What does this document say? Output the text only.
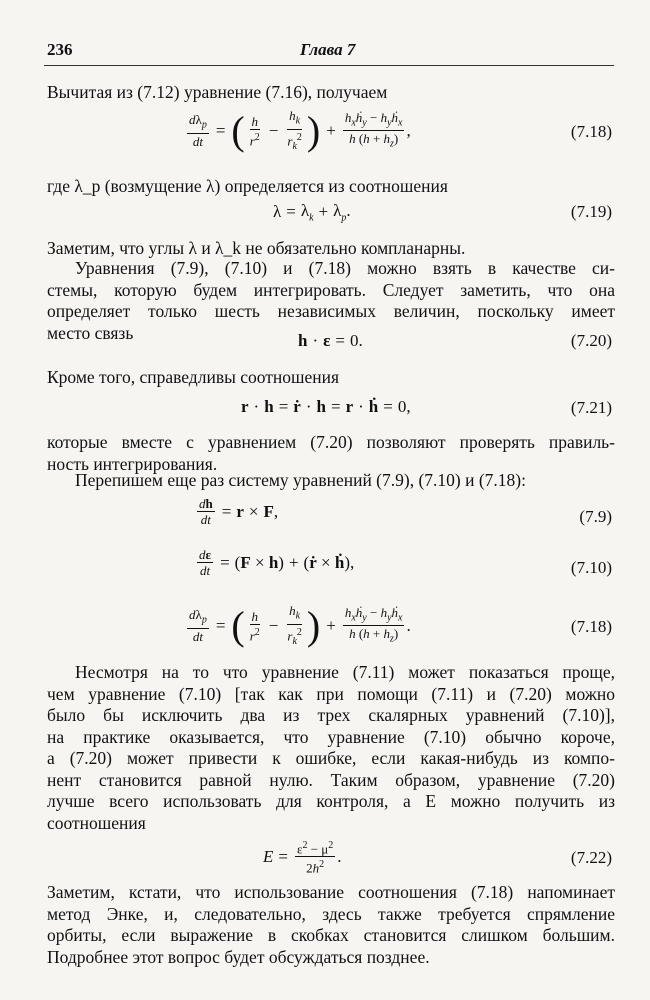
236	Глава 7
Вычитая из (7.12) уравнение (7.16), получаем
$\frac{d\lambda_p}{dt}$ = ( $\frac{h}{r^2} - \frac{h_k}{r_k^2}$ ) + $\frac{h_xḣ_y - h_yḣ_x}{h (h + h_z)}$ ,	(7.18)
где λ_p (возмущение λ) определяется из соотношения
$\lambda = \lambda_k + \lambda_p$.	(7.19)
Заметим, что углы λ и λ_k не обязательно компланарны.
Уравнения (7.9), (7.10) и (7.18) можно взять в качестве си-
стемы, которую будем интегрировать. Следует заметить, что она
определяет только шесть независимых величин, поскольку имеет
место связь	h · ε = 0.	(7.20)
Кроме того, справедливы соотношения
r · h = ṙ · h = r · ḣ = 0,	(7.21)
которые вместе с уравнением (7.20) позволяют проверять правиль-
ность интегрирования.
Перепишем еще раз систему уравнений (7.9), (7.10) и (7.18):
$\frac{dh}{dt} = r \times F$ ,	(7.9)
$\frac{d\varepsilon}{dt} = (F \times h)$ + (ṙ × ḣ),	(7.10)
$\frac{d\lambda_p}{dt}$ = ( $\frac{h}{r^2} - \frac{h_k}{r_k^2}$ ) + $\frac{h_xḣ_y - h_yḣ_x}{h (h + h_z)}$ .	(7.18)
Несмотря на то что уравнение (7.11) может показаться проще,
чем уравнение (7.10) [так как при помощи (7.11) и (7.20) можно
было бы исключить два из трех скалярных уравнений (7.10)],
на практике оказывается, что уравнение (7.10) обычно короче,
а (7.20) может привести к ошибке, если какая-нибудь из компо-
нент становится равной нулю. Таким образом, уравнение (7.20)
лучше всего использовать для контроля, а E можно получить из
соотношения
$E = \frac{\varepsilon^2 - \mu^2}{2h^2}$ .	(7.22)
Заметим, кстати, что использование соотношения (7.18) напоминает
метод Энке, и, следовательно, здесь также требуется спрямление
орбиты, если выражение в скобках становится слишком большим.
Подробнее этот вопрос будет обсуждаться позднее.
